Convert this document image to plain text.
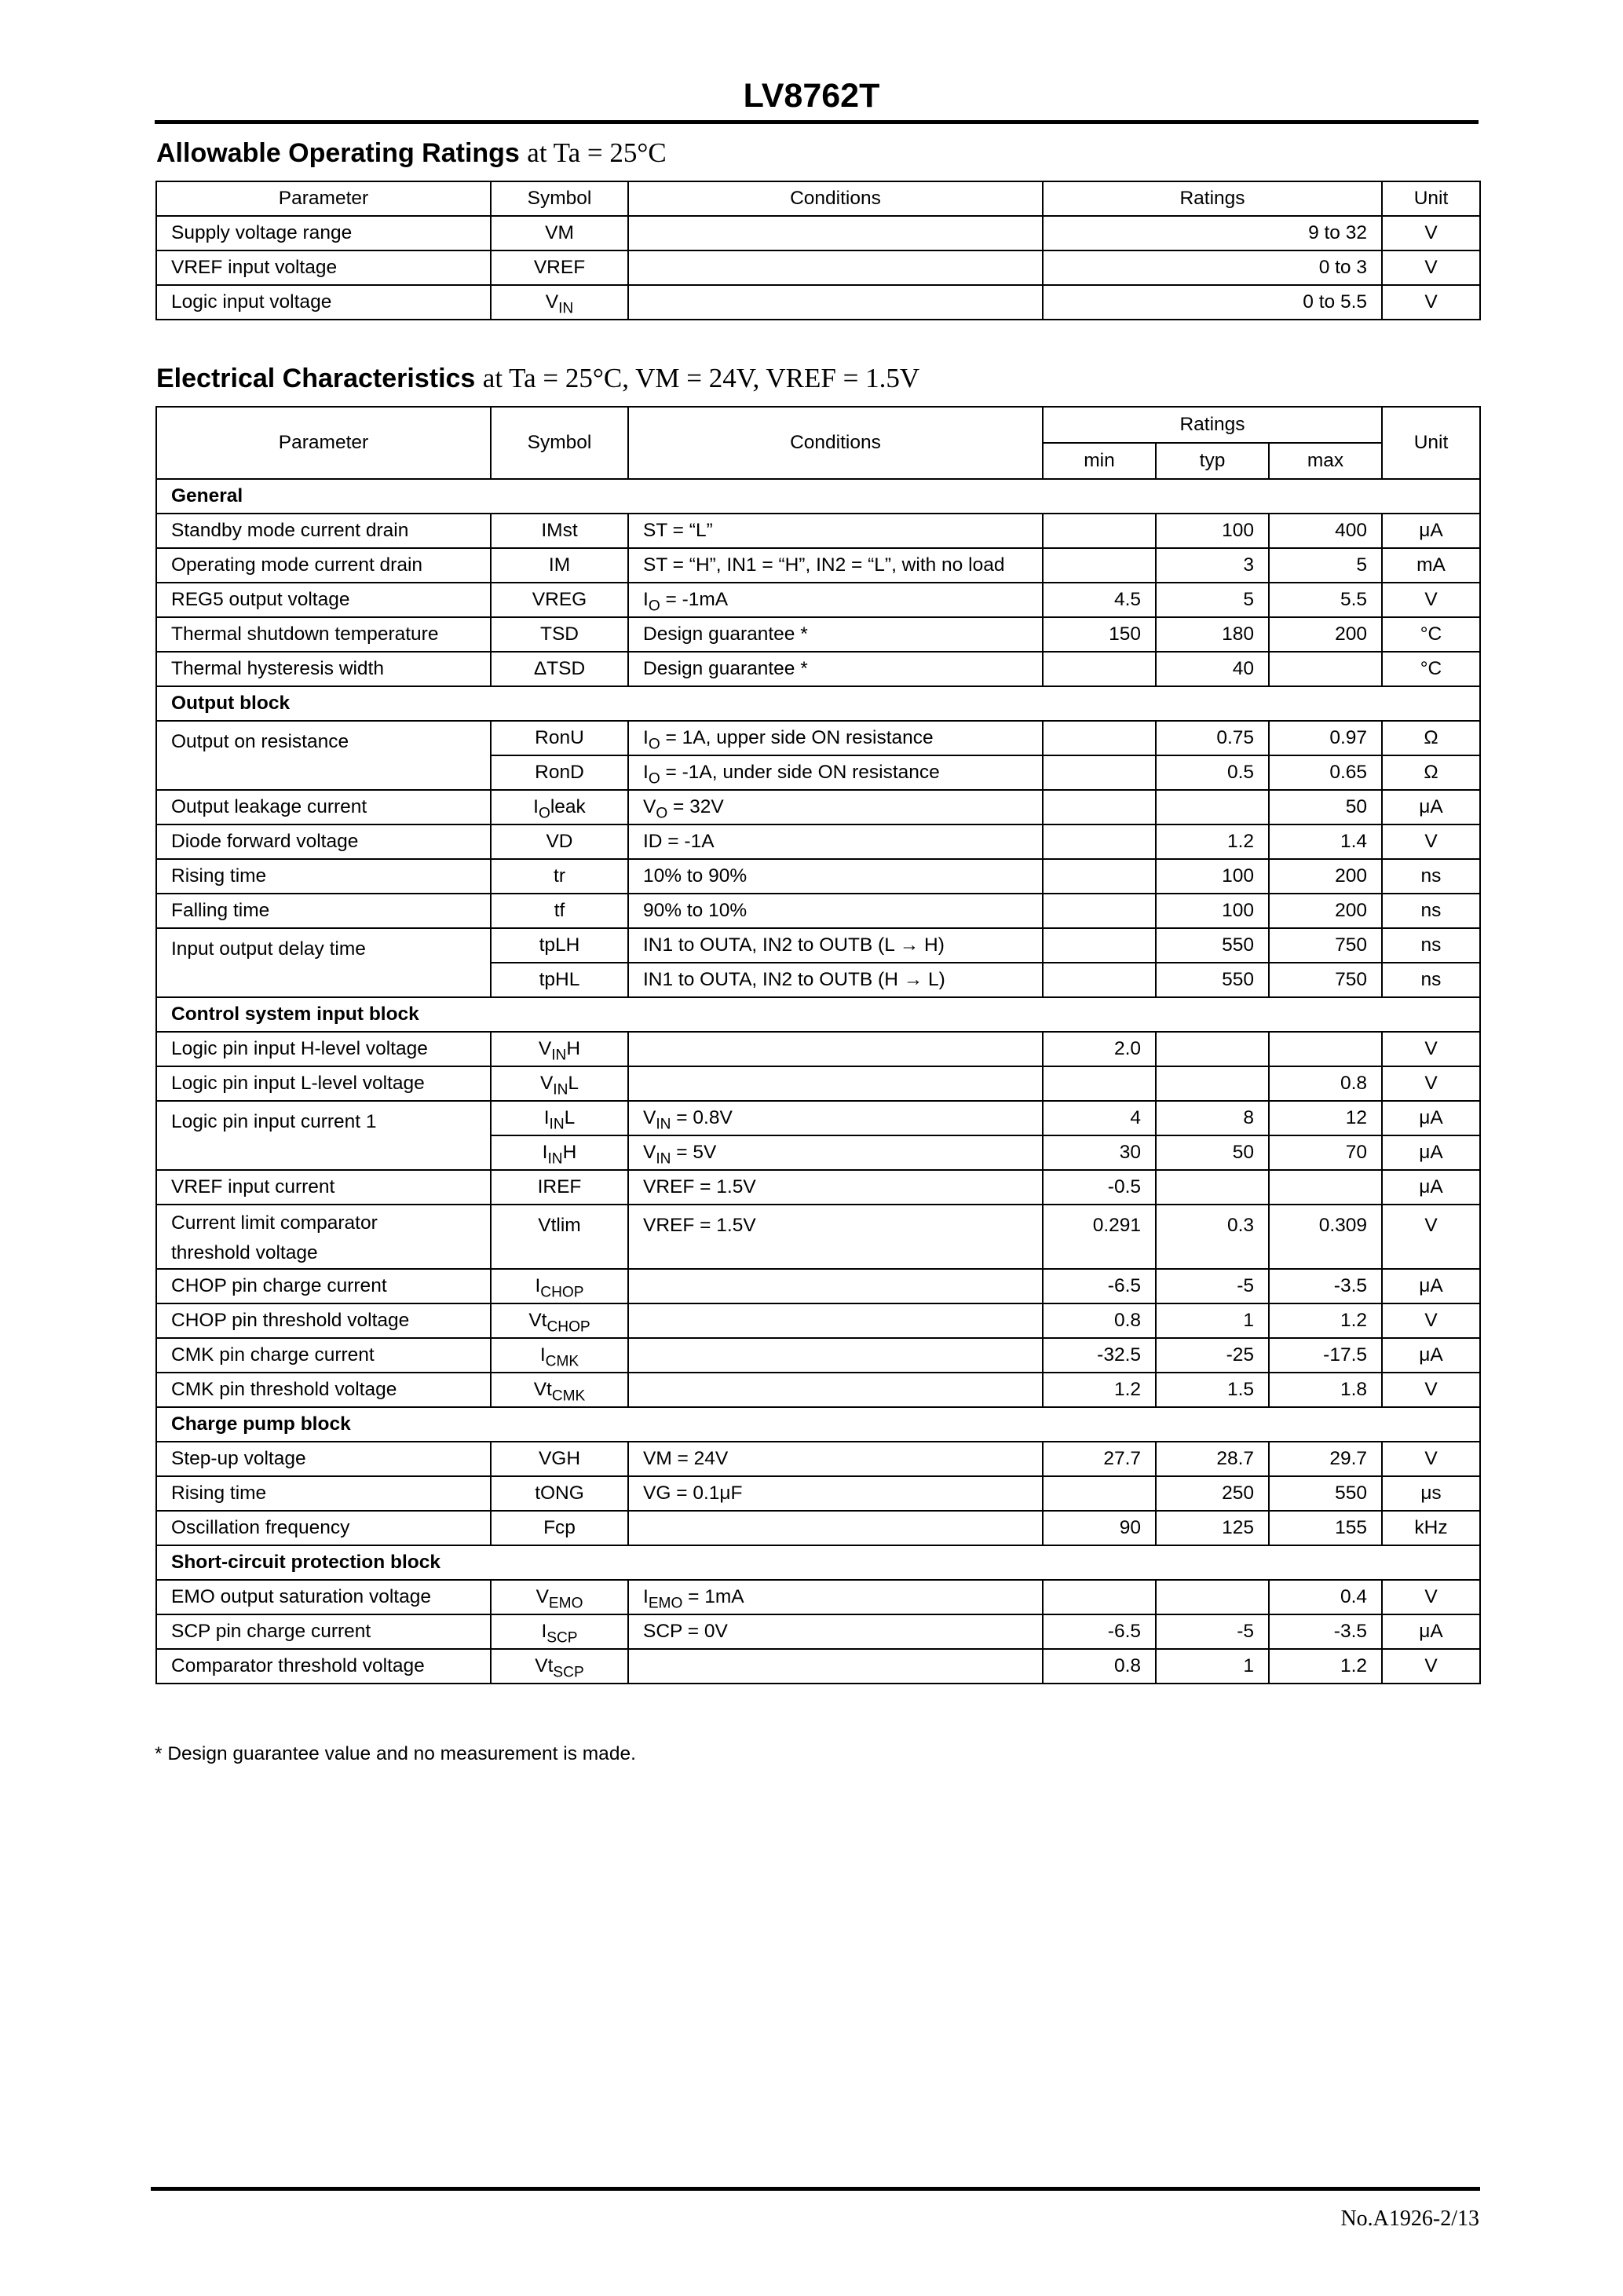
LV8762T
Allowable Operating Ratings at Ta = 25°C
Parameter	Symbol	Conditions	Ratings	Unit
Supply voltage range	VM		9 to 32	V
VREF input voltage	VREF		0 to 3	V
Logic input voltage	$V_{IN}$		0 to 5.5	V
Electrical Characteristics at Ta = 25°C, VM = 24V, VREF = 1.5V
Parameter	Symbol	Conditions	Ratings			Unit
			min	typ	max	
General						
Standby mode current drain	IMst	ST = “L”		100	400	μA
Operating mode current drain	IM	ST = “H”, IN1 = “H”, IN2 = “L”, with no load		3	5	mA
REG5 output voltage	VREG	$I_O = -1mA$	4.5	5	5.5	V
Thermal shutdown temperature	TSD	Design guarantee *	150	180	200	°C
Thermal hysteresis width	ΔTSD	Design guarantee *		40		°C
Output block						
Output on resistance	RonU	$I_O = 1A$, upper side ON resistance		0.75	0.97	Ω
	RonD	$I_O = -1A$, under side ON resistance		0.5	0.65	Ω
Output leakage current	$I_Oleak$	$V_O = 32V$			50	μA
Diode forward voltage	VD	ID = -1A		1.2	1.4	V
Rising time	tr	10% to 90%		100	200	ns
Falling time	tf	90% to 10%		100	200	ns
Input output delay time	tpLH	IN1 to OUTA, IN2 to OUTB (L → H)		550	750	ns
	tpHL	IN1 to OUTA, IN2 to OUTB (H → L)		550	750	ns
Control system input block						
Logic pin input H-level voltage	$V_{IN}H$		2.0			V
Logic pin input L-level voltage	$V_{IN}L$				0.8	V
Logic pin input current 1	$I_{IN}L$	$V_{IN} = 0.8V$	4	8	12	μA
	$I_{IN}H$	$V_{IN} = 5V$	30	50	70	μA
VREF input current	IREF	VREF = 1.5V	-0.5			μA
Current limit comparator
threshold voltage	Vtlim	VREF = 1.5V	0.291	0.3	0.309	V
CHOP pin charge current	$I_{CHOP}$		-6.5	-5	-3.5	μA
CHOP pin threshold voltage	$Vt_{CHOP}$		0.8	1	1.2	V
CMK pin charge current	$I_{CMK}$		-32.5	-25	-17.5	μA
CMK pin threshold voltage	$Vt_{CMK}$		1.2	1.5	1.8	V
Charge pump block						
Step-up voltage	VGH	VM = 24V	27.7	28.7	29.7	V
Rising time	tONG	VG = 0.1μF		250	550	μs
Oscillation frequency	Fcp		90	125	155	kHz
Short-circuit protection block						
EMO output saturation voltage	$V_{EMO}$	$I_{EMO} = 1mA$			0.4	V
SCP pin charge current	$I_{SCP}$	SCP = 0V	-6.5	-5	-3.5	μA
Comparator threshold voltage	$Vt_{SCP}$		0.8	1	1.2	V
* Design guarantee value and no measurement is made.
No.A1926-2/13
